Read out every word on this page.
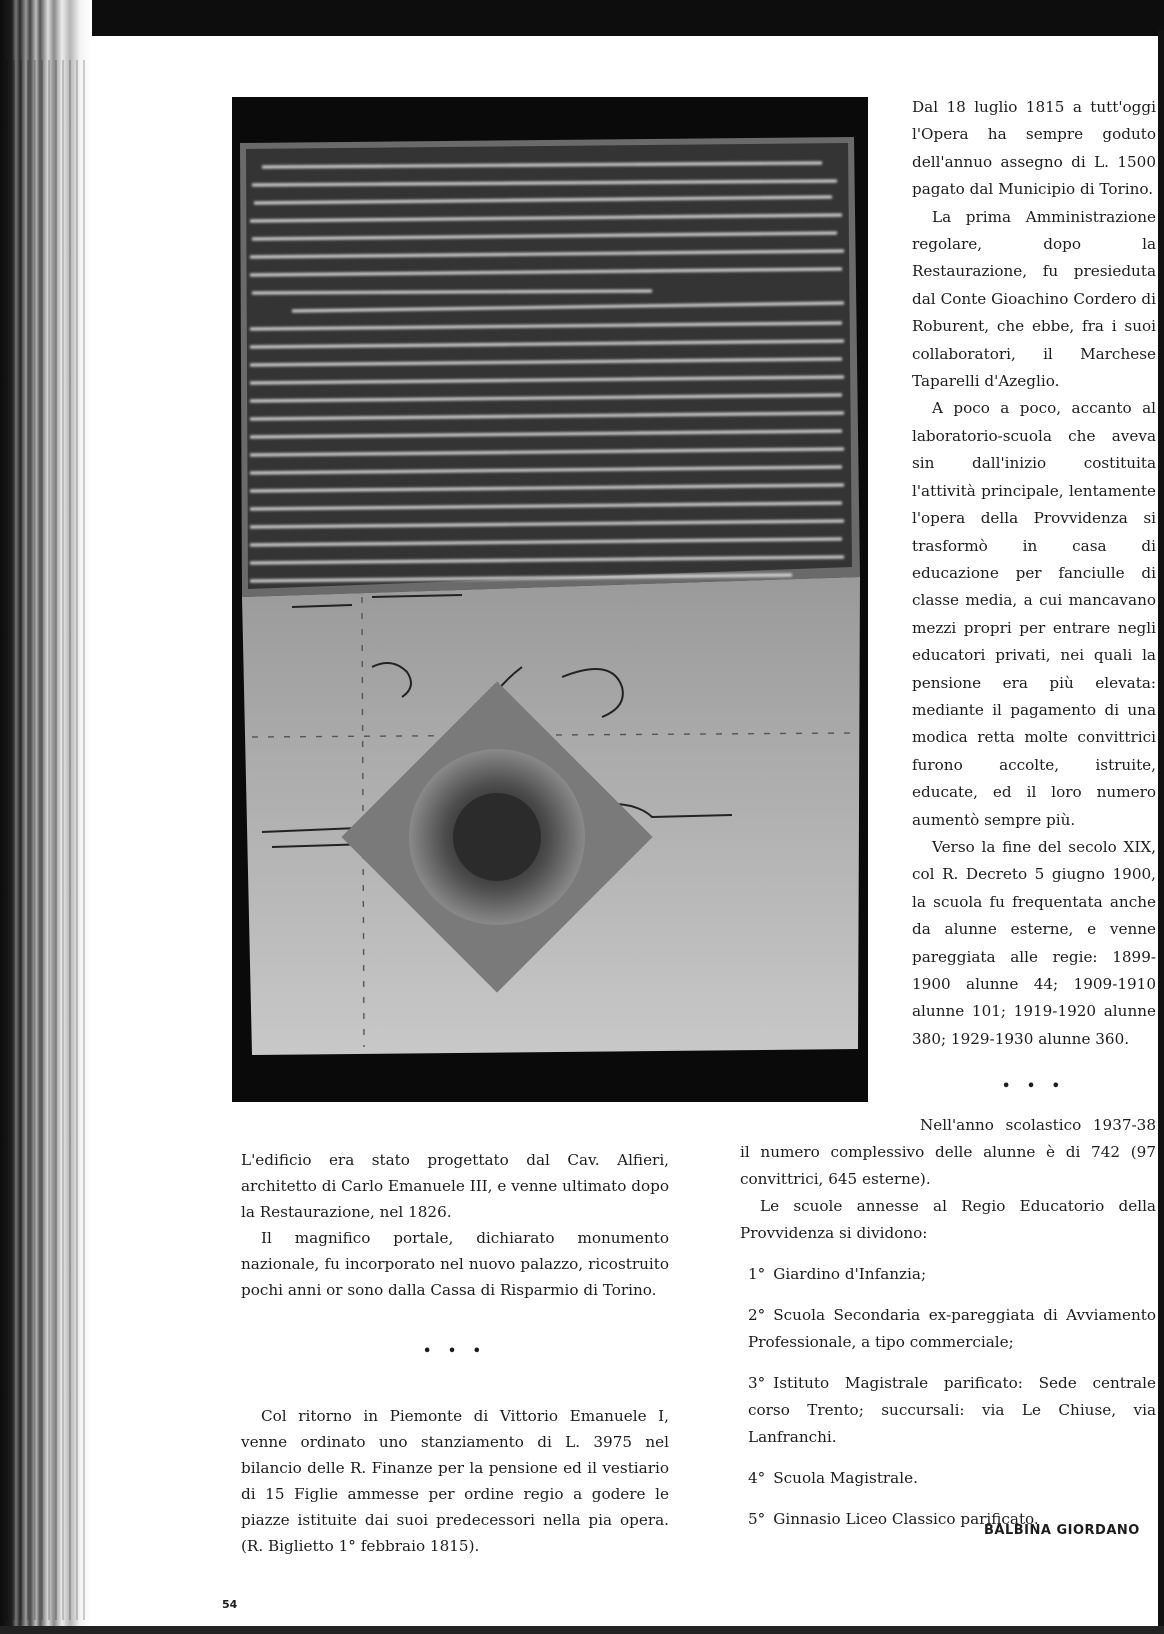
Dal 18 luglio 1815 a tutt'oggi l'Opera ha sempre goduto dell'annuo assegno di L. 1500 pagato dal Municipio di Torino.

La prima Amministrazione regolare, dopo la Restaurazione, fu presieduta dal Conte Gioachino Cordero di Roburent, che ebbe, fra i suoi collaboratori, il Marchese Taparelli d'Azeglio.

A poco a poco, accanto al laboratorio-scuola che aveva sin dall'inizio costituita l'attività principale, lentamente l'opera della Provvidenza si trasformò in casa di educazione per fanciulle di classe media, a cui mancavano mezzi propri per entrare negli educatori privati, nei quali la pensione era più elevata: mediante il pagamento di una modica retta molte convittrici furono accolte, istruite, educate, ed il loro numero aumentò sempre più.

Verso la fine del secolo XIX, col R. Decreto 5 giugno 1900, la scuola fu frequentata anche da alunne esterne, e venne pareggiata alle regie: 1899-1900 alunne 44; 1909-1910 alunne 101; 1919-1920 alunne 380; 1929-1930 alunne 360.

• • •

Nell'anno scolastico 1937-38 il numero complessivo delle alunne è di 742 (97 convittrici, 645 esterne).

Le scuole annesse al Regio Educatorio della Provvidenza si dividono:

1° Giardino d'Infanzia;

2° Scuola Secondaria ex-pareggiata di Avviamento Professionale, a tipo commerciale;

3° Istituto Magistrale parificato: Sede centrale corso Trento; succursali: via Le Chiuse, via Lanfranchi.

4° Scuola Magistrale.

5° Ginnasio Liceo Classico parificato.

L'edificio era stato progettato dal Cav. Alfieri, architetto di Carlo Emanuele III, e venne ultimato dopo la Restaurazione, nel 1826.

Il magnifico portale, dichiarato monumento nazionale, fu incorporato nel nuovo palazzo, ricostruito pochi anni or sono dalla Cassa di Risparmio di Torino.

• • •

Col ritorno in Piemonte di Vittorio Emanuele I, venne ordinato uno stanziamento di L. 3975 nel bilancio delle R. Finanze per la pensione ed il vestiario di 15 Figlie ammesse per ordine regio a godere le piazze istituite dai suoi predecessori nella pia opera. (R. Biglietto 1° febbraio 1815).

54
BALBINA GIORDANO
